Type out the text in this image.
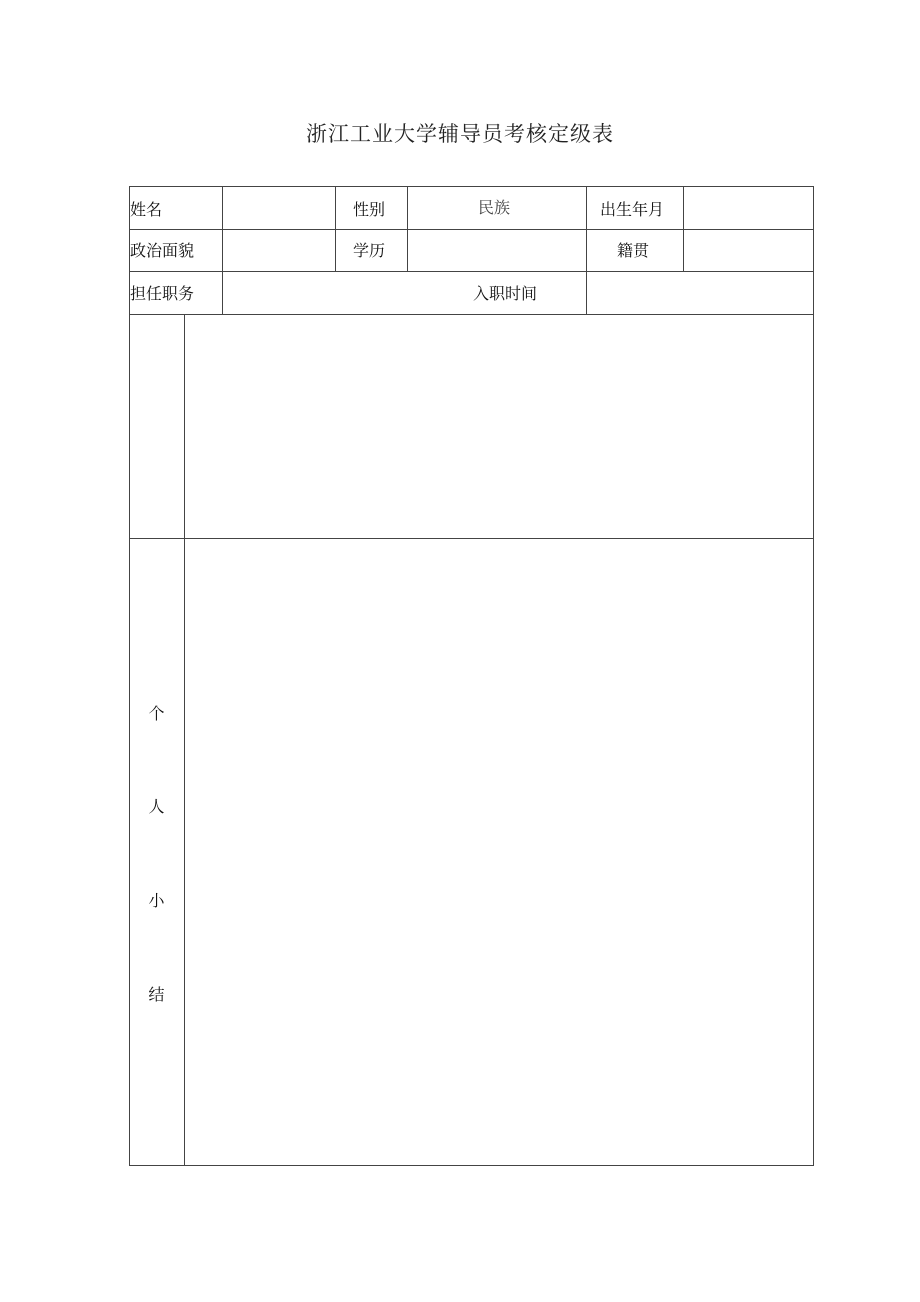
浙江工业大学辅导员考核定级表
姓名	性别	民族	出生年月
政治面貌	学历	籍贯
担任职务	入职时间
个
人
小
结
